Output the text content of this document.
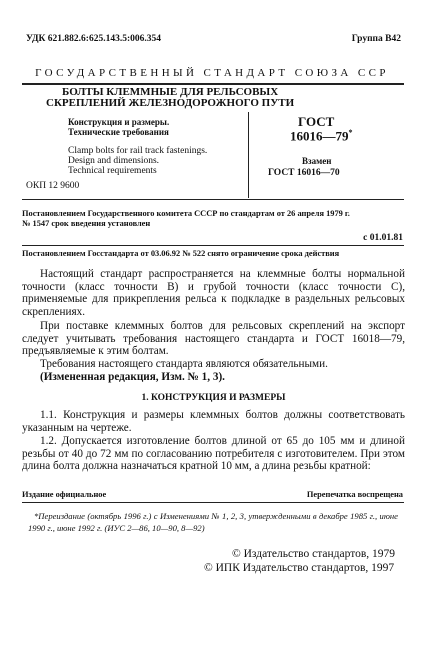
УДК 621.882.6:625.143.5:006.354	Группа В42
ГОСУДАРСТВЕННЫЙ СТАНДАРТ СОЮЗА ССР
БОЛТЫ КЛЕММНЫЕ ДЛЯ РЕЛЬСОВЫХ
СКРЕПЛЕНИЙ ЖЕЛЕЗНОДОРОЖНОГО ПУТИ
Конструкция и размеры.
Технические требования
ГОСТ
16016—79*
Clamp bolts for rail track fastenings.
Design and dimensions.
Technical requirements
Взамен
ГОСТ 16016—70
ОКП 12 9600
Постановлением Государственного комитета СССР по стандартам от 26 апреля 1979 г.
№ 1547 срок введения установлен
с 01.01.81
Постановлением Госстандарта от 03.06.92 № 522 снято ограничение срока действия
Настоящий стандарт распространяется на клеммные болты нормальной точности (класс точности В) и грубой точности (класс точности С), применяемые для прикрепления рельса к подкладке в раздельных рельсовых скреплениях.
При поставке клеммных болтов для рельсовых скреплений на экспорт следует учитывать требования настоящего стандарта и ГОСТ 16018—79, предъявляемые к этим болтам.
Требования настоящего стандарта являются обязательными.
(Измененная редакция, Изм. № 1, 3).
1. КОНСТРУКЦИЯ И РАЗМЕРЫ
1.1. Конструкция и размеры клеммных болтов должны соответствовать указанным на чертеже.
1.2. Допускается изготовление болтов длиной от 65 до 105 мм и длиной резьбы от 40 до 72 мм по согласованию потребителя с изготовителем. При этом длина болта должна назначаться кратной 10 мм, а длина резьбы кратной:
Издание официальное	Перепечатка воспрещена
*Переиздание (октябрь 1996 г.) с Изменениями № 1, 2, 3, утвержденными в декабре 1985 г., июне 1990 г., июне 1992 г. (ИУС 2—86, 10—90, 8—92)
© Издательство стандартов, 1979
© ИПК Издательство стандартов, 1997
